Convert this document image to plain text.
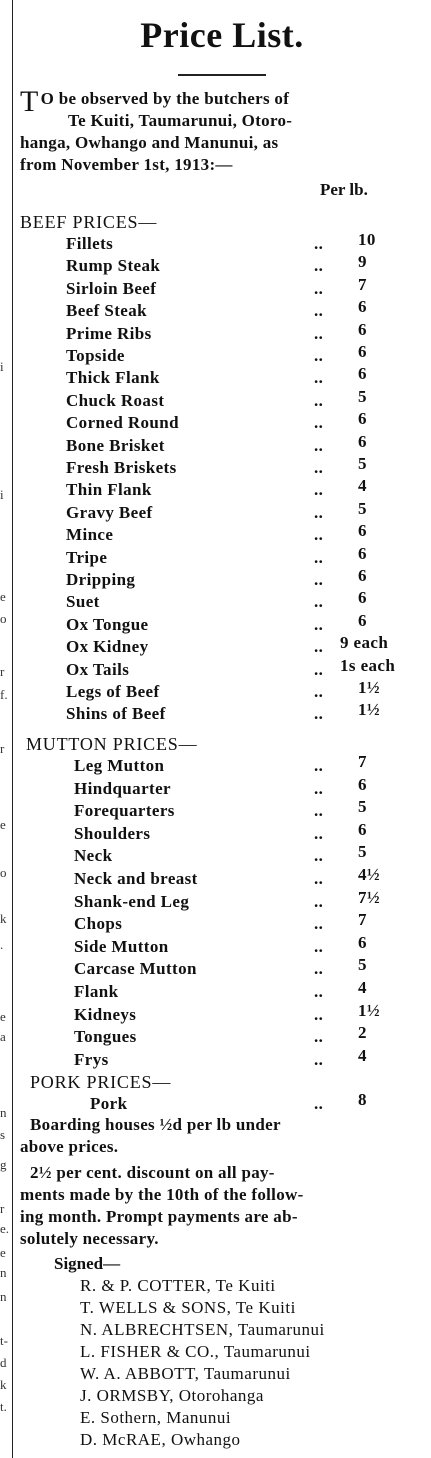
i
i
e
o
r
f.
r
e
o
k
.
e
a
n
s
g
r
e.
e
n
n
t-
d
k
t.
Price List.
T O be observed by the butchers of
Te Kuiti, Taumarunui, Otoro-
hanga, Owhango and Manunui, as
from November 1st, 1913:—
Per lb.
BEEF PRICES—
Fillets	.. 10
Rump Steak	.. 9
Sirloin Beef	.. 7
Beef Steak	.. 6
Prime Ribs	.. 6
Topside	.. 6
Thick Flank	.. 6
Chuck Roast	.. 5
Corned Round	.. 6
Bone Brisket	.. 6
Fresh Briskets	.. 5
Thin Flank	.. 4
Gravy Beef	.. 5
Mince	.. 6
Tripe	.. 6
Dripping	.. 6
Suet	.. 6
Ox Tongue	.. 6
Ox Kidney	.. 9 each
Ox Tails	.. 1s each
Legs of Beef	.. 1½
Shins of Beef	.. 1½
MUTTON PRICES—
Leg Mutton	.. 7
Hindquarter	.. 6
Forequarters	.. 5
Shoulders	.. 6
Neck	.. 5
Neck and breast	.. 4½
Shank-end Leg	.. 7½
Chops	.. 7
Side Mutton	.. 6
Carcase Mutton	.. 5
Flank	.. 4
Kidneys	.. 1½
Tongues	.. 2
Frys	.. 4
PORK PRICES—
Pork	.. 8
Boarding houses ½d per lb under
above prices.
2½ per cent. discount on all pay-
ments made by the 10th of the follow-
ing month. Prompt payments are ab-
solutely necessary.
Signed—
R. & P. COTTER, Te Kuiti
T. WELLS & SONS, Te Kuiti
N. ALBRECHTSEN, Taumarunui
L. FISHER & CO., Taumarunui
W. A. ABBOTT, Taumarunui
J. ORMSBY, Otorohanga
E. Sothern, Manunui
D. McRAE, Owhango
